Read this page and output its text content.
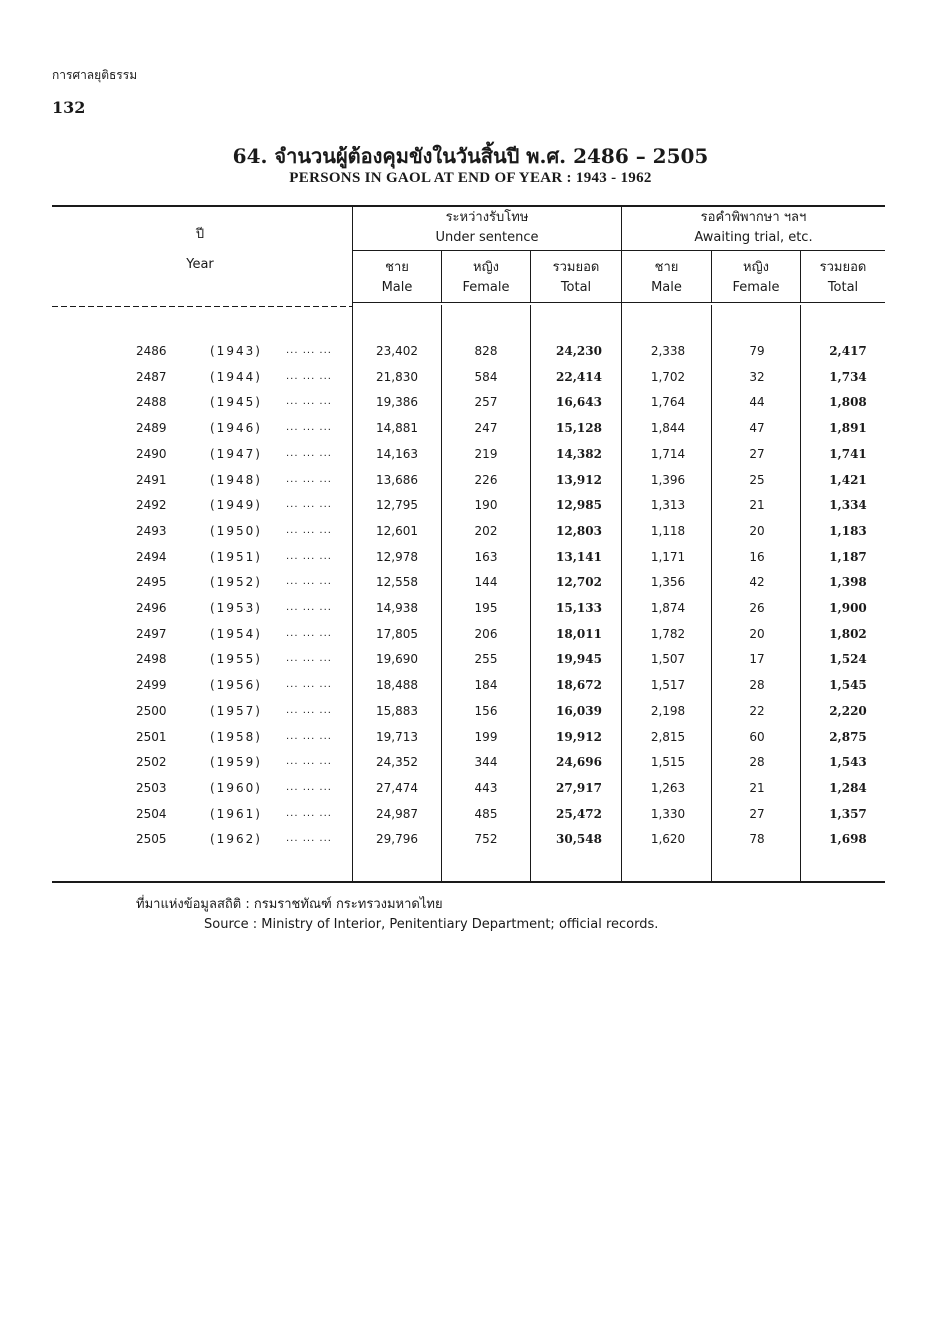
การศาลยุติธรรม
132
64. จำนวนผู้ต้องคุมขังในวันสิ้นปี พ.ศ. 2486 – 2505
PERSONS IN GAOL AT END OF YEAR : 1943 - 1962
ปี
Year
ระหว่างรับโทษ
Under sentence
รอคำพิพากษา ฯลฯ
Awaiting trial, etc.
ชาย
Male
หญิง
Female
รวมยอด
Total
ชาย
Male
หญิง
Female
รวมยอด
Total
2486	(1943)	... ... ...	23,402	828	24,230	2,338	79	2,417
2487	(1944)	... ... ...	21,830	584	22,414	1,702	32	1,734
2488	(1945)	... ... ...	19,386	257	16,643	1,764	44	1,808
2489	(1946)	... ... ...	14,881	247	15,128	1,844	47	1,891
2490	(1947)	... ... ...	14,163	219	14,382	1,714	27	1,741
2491	(1948)	... ... ...	13,686	226	13,912	1,396	25	1,421
2492	(1949)	... ... ...	12,795	190	12,985	1,313	21	1,334
2493	(1950)	... ... ...	12,601	202	12,803	1,118	20	1,183
2494	(1951)	... ... ...	12,978	163	13,141	1,171	16	1,187
2495	(1952)	... ... ...	12,558	144	12,702	1,356	42	1,398
2496	(1953)	... ... ...	14,938	195	15,133	1,874	26	1,900
2497	(1954)	... ... ...	17,805	206	18,011	1,782	20	1,802
2498	(1955)	... ... ...	19,690	255	19,945	1,507	17	1,524
2499	(1956)	... ... ...	18,488	184	18,672	1,517	28	1,545
2500	(1957)	... ... ...	15,883	156	16,039	2,198	22	2,220
2501	(1958)	... ... ...	19,713	199	19,912	2,815	60	2,875
2502	(1959)	... ... ...	24,352	344	24,696	1,515	28	1,543
2503	(1960)	... ... ...	27,474	443	27,917	1,263	21	1,284
2504	(1961)	... ... ...	24,987	485	25,472	1,330	27	1,357
2505	(1962)	... ... ...	29,796	752	30,548	1,620	78	1,698
ที่มาแห่งข้อมูลสถิติ : กรมราชทัณฑ์ กระทรวงมหาดไทย
Source : Ministry of Interior, Penitentiary Department; official records.
